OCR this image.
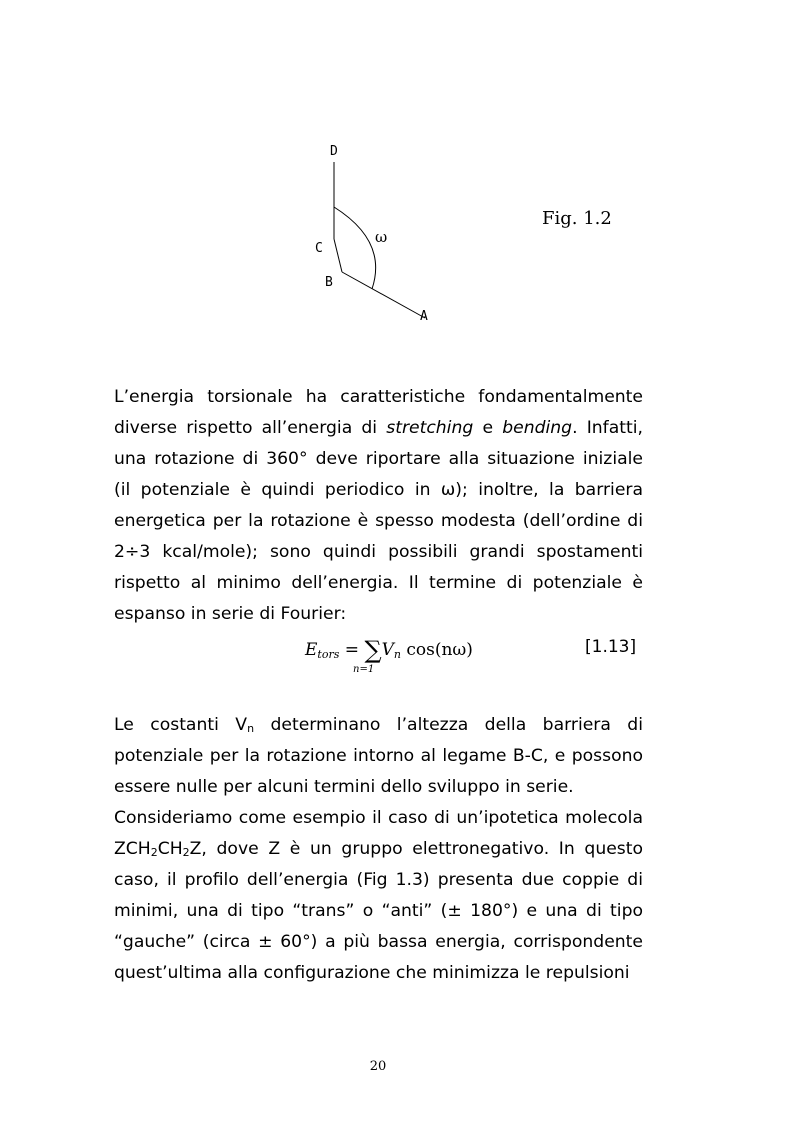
D
C
B
A
ω
Fig. 1.2
L’energia torsionale ha caratteristiche fondamentalmente diverse rispetto all’energia di stretching e bending. Infatti, una rotazione di 360° deve riportare alla situazione iniziale (il potenziale è quindi periodico in ω); inoltre, la barriera energetica per la rotazione è spesso modesta (dell’ordine di 2÷3 kcal/mole); sono quindi possibili grandi spostamenti rispetto al minimo dell’energia. Il termine di potenziale è espanso in serie di Fourier:
Etors = ∑Vn cos(nω)
n=1
[1.13]
Le costanti $V_n$ determinano l’altezza della barriera di potenziale per la rotazione intorno al legame B-C, e possono essere nulle per alcuni termini dello sviluppo in serie.
Consideriamo come esempio il caso di un’ipotetica molecola $ZCH_2CH_2Z$, dove Z è un gruppo elettronegativo. In questo caso, il profilo dell’energia (Fig 1.3) presenta due coppie di minimi, una di tipo “trans” o “anti” (± 180°) e una di tipo “gauche” (circa ± 60°) a più bassa energia, corrispondente quest’ultima alla configurazione che minimizza le repulsioni
20
